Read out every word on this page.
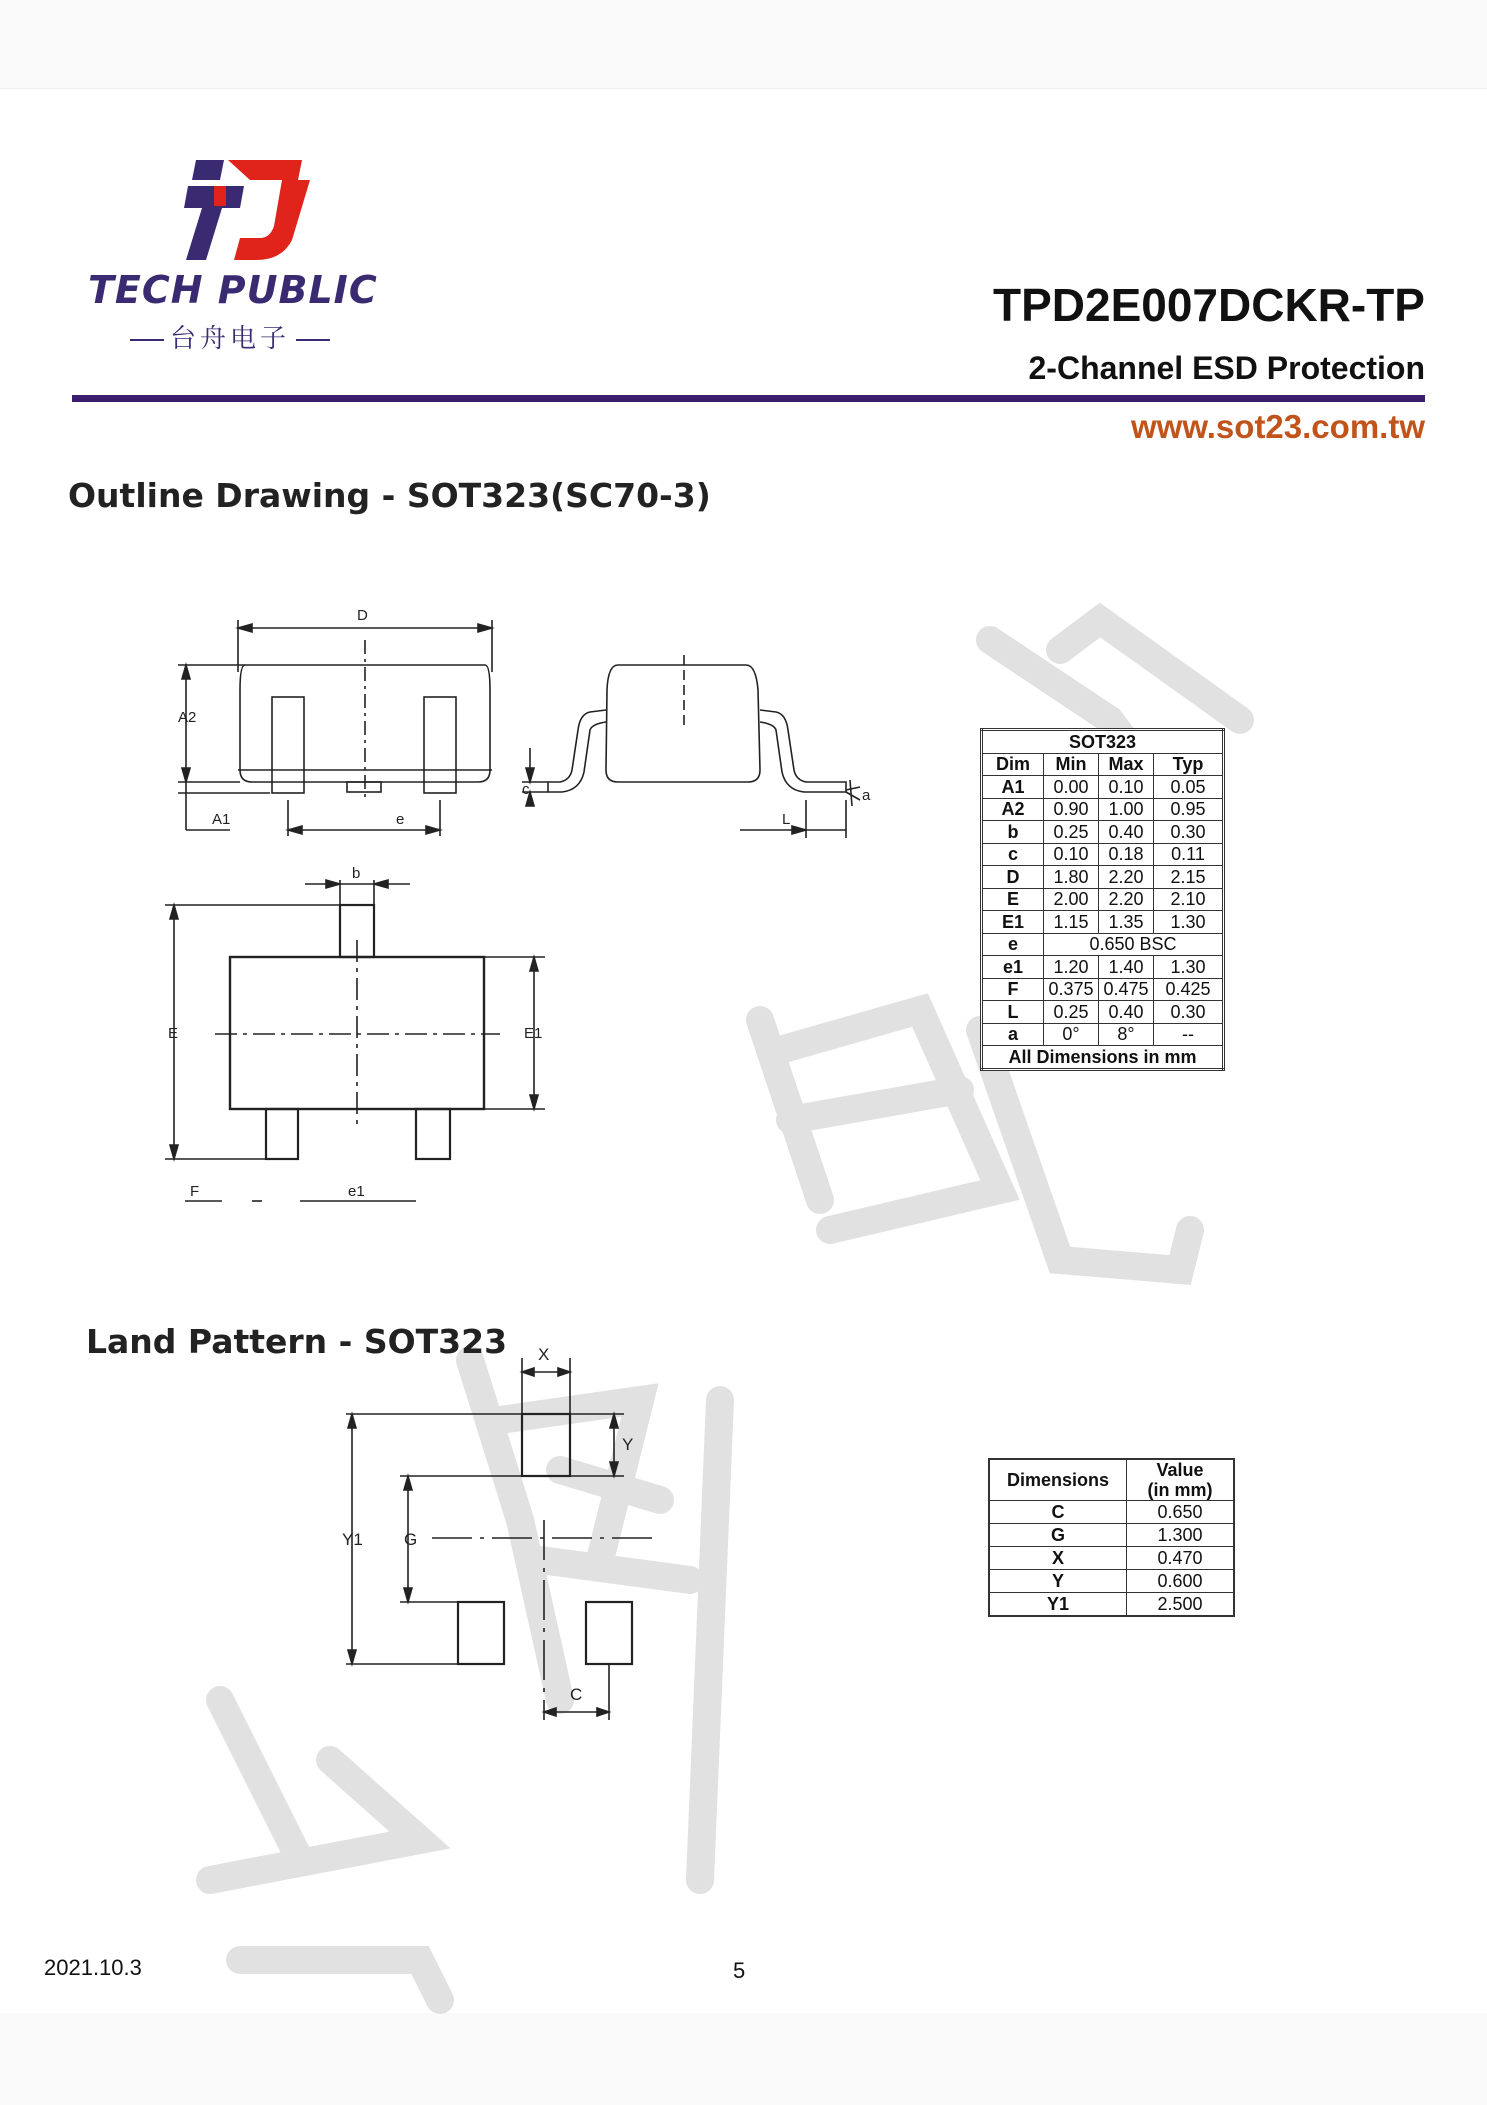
TECH PUBLIC
台舟电子
TPD2E007DCKR-TP
2-Channel ESD Protection
www.sot23.com.tw
Outline Drawing - SOT323(SC70-3)
D
A2
A1	e
c
L
a
b
E	E1
F	e1
SOT323			
Dim	Min	Max	Typ
A1	0.00	0.10	0.05
A2	0.90	1.00	0.95
b	0.25	0.40	0.30
c	0.10	0.18	0.11
D	1.80	2.20	2.15
E	2.00	2.20	2.10
E1	1.15	1.35	1.30
e	0.650 BSC		
e1	1.20	1.40	1.30
F	0.375	0.475	0.425
L	0.25	0.40	0.30
a	0°	8°	--
All Dimensions in mm			
Land Pattern - SOT323 X
Y
Y1 G
C
Dimensions	Value
(in mm)
C	0.650
G	1.300
X	0.470
Y	0.600
Y1	2.500
2021.10.3	5
